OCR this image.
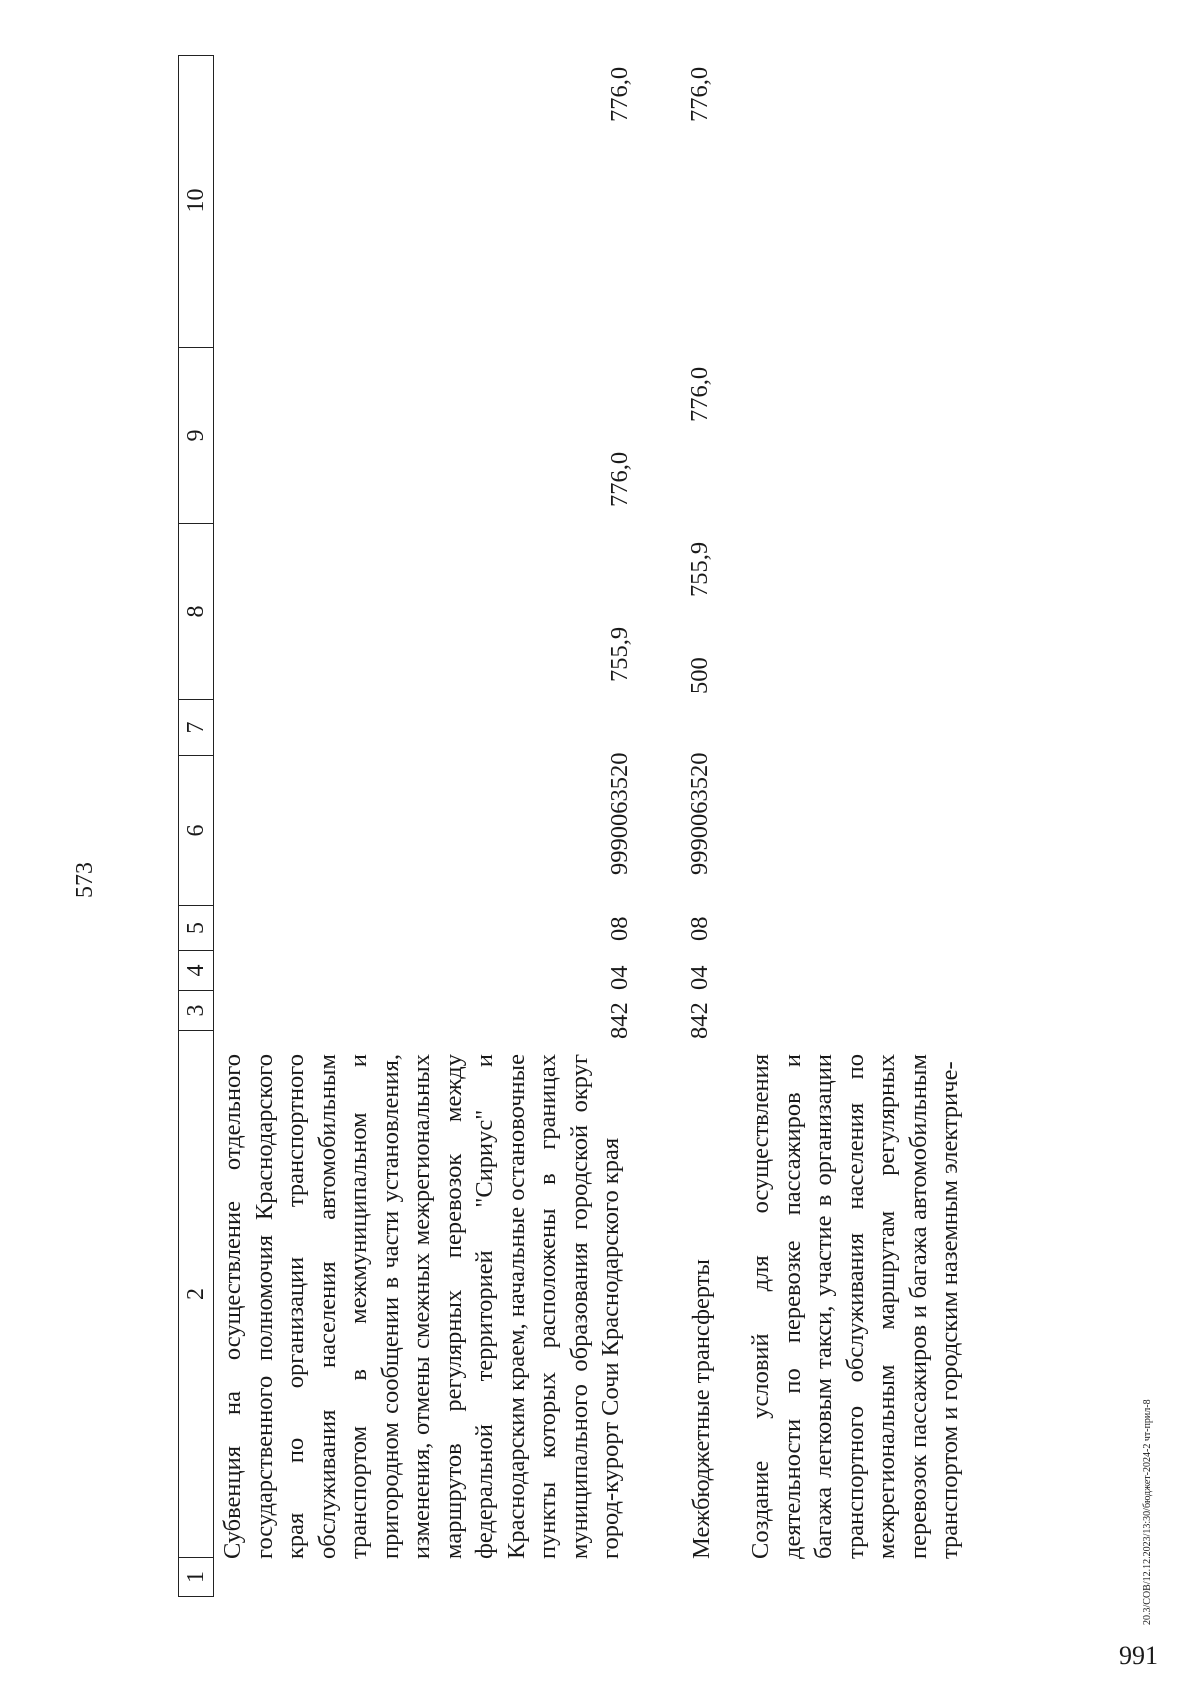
573
1
2
3
4
5
6
7
8
9
10
Субвенция на осуществление отдельного государственного полномочия Краснодарского края по организации транспортного обслуживания населения автомобильным транспортом в межмуниципальном и пригородном сообщении в части установления, изменения, отмены смежных межрегиональных маршрутов регулярных перевозок между федеральной территорией "Сириус" и Краснодарским краем, начальные остановочные пункты которых расположены в границах муниципального образования городской округ город-курорт Сочи Краснодарского края
842
04
08
9990063520
755,9
776,0
776,0
Межбюджетные трансферты
842
04
08
9990063520
500
755,9
776,0
776,0
Создание условий для осуществления деятельности по перевозке пассажиров и багажа легковым такси, участие в организации транспортного обслуживания населения по межрегиональным маршрутам регулярных перевозок пассажиров и багажа автомобильным транспортом и городским наземным электриче-	20.3/СОВ/12.12.2023/13:30/бюджет-2024-2 чт-прил-8
991
